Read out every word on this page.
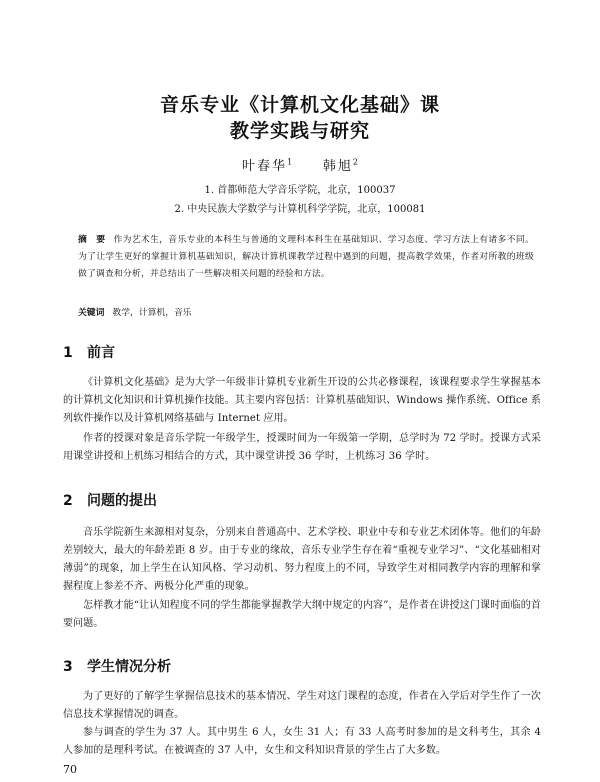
音乐专业《计算机文化基础》课
教学实践与研究
叶春华$^1$ 韩旭$^2$
1. 首都师范大学音乐学院，北京，100037
2. 中央民族大学数学与计算机科学学院，北京，100081
摘　要 作为艺术生，音乐专业的本科生与普通的文理科本科生在基础知识、学习态度、学习方法上有诸多不同。为了让学生更好的掌握计算机基础知识，解决计算机课教学过程中遇到的问题，提高教学效果，作者对所教的班级做了调查和分析，并总结出了一些解决相关问题的经验和方法。
关键词 教学，计算机，音乐
1 前言

《计算机文化基础》是为大学一年级非计算机专业新生开设的公共必修课程，该课程要求学生掌握基本的计算机文化知识和计算机操作技能。其主要内容包括：计算机基础知识、Windows 操作系统、Office 系列软件操作以及计算机网络基础与 Internet 应用。

作者的授课对象是音乐学院一年级学生，授课时间为一年级第一学期，总学时为 72 学时。授课方式采用课堂讲授和上机练习相结合的方式，其中课堂讲授 36 学时，上机练习 36 学时。

2 问题的提出

音乐学院新生来源相对复杂，分别来自普通高中、艺术学校、职业中专和专业艺术团体等。他们的年龄差别较大，最大的年龄差距 8 岁。由于专业的缘故，音乐专业学生存在着“重视专业学习”、“文化基础相对薄弱”的现象，加上学生在认知风格、学习动机、努力程度上的不同，导致学生对相同教学内容的理解和掌握程度上参差不齐、两极分化严重的现象。

怎样教才能“让认知程度不同的学生都能掌握教学大纲中规定的内容”，是作者在讲授这门课时面临的首要问题。

3 学生情况分析

为了更好的了解学生掌握信息技术的基本情况、学生对这门课程的态度，作者在入学后对学生作了一次信息技术掌握情况的调查。

参与调查的学生为 37 人。其中男生 6 人，女生 31 人；有 33 人高考时参加的是文科考生，其余 4 人参加的是理科考试。在被调查的 37 人中，女生和文科知识背景的学生占了大多数。

70
